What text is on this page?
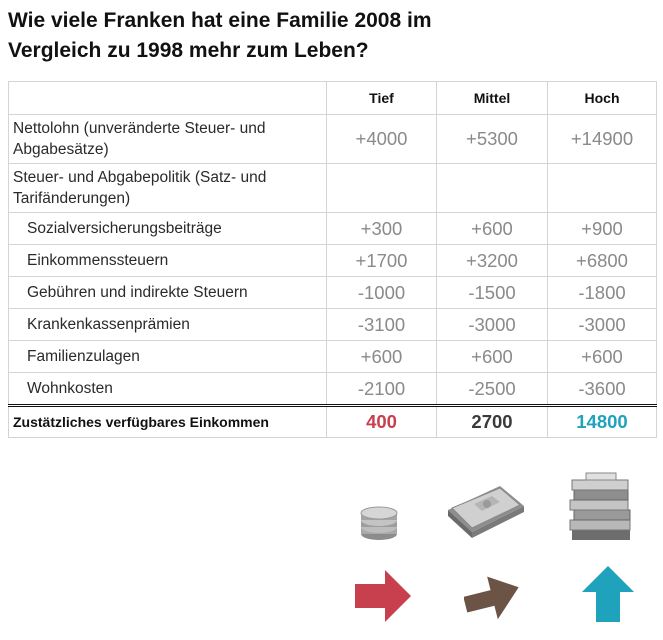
Wie viele Franken hat eine Familie 2008 im
Vergleich zu 1998 mehr zum Leben?
	Tief	Mittel	Hoch
Nettolohn (unveränderte Steuer- und Abgabesätze)	+4000	+5300	+14900
Steuer- und Abgabepolitik (Satz- und Tarifänderungen)			
Sozialversicherungsbeiträge	+300	+600	+900
Einkommenssteuern	+1700	+3200	+6800
Gebühren und indirekte Steuern	-1000	-1500	-1800
Krankenkassenprämien	-3100	-3000	-3000
Familienzulagen	+600	+600	+600
Wohnkosten	-2100	-2500	-3600
Zustätzliches verfügbares Einkommen	400	2700	14800
